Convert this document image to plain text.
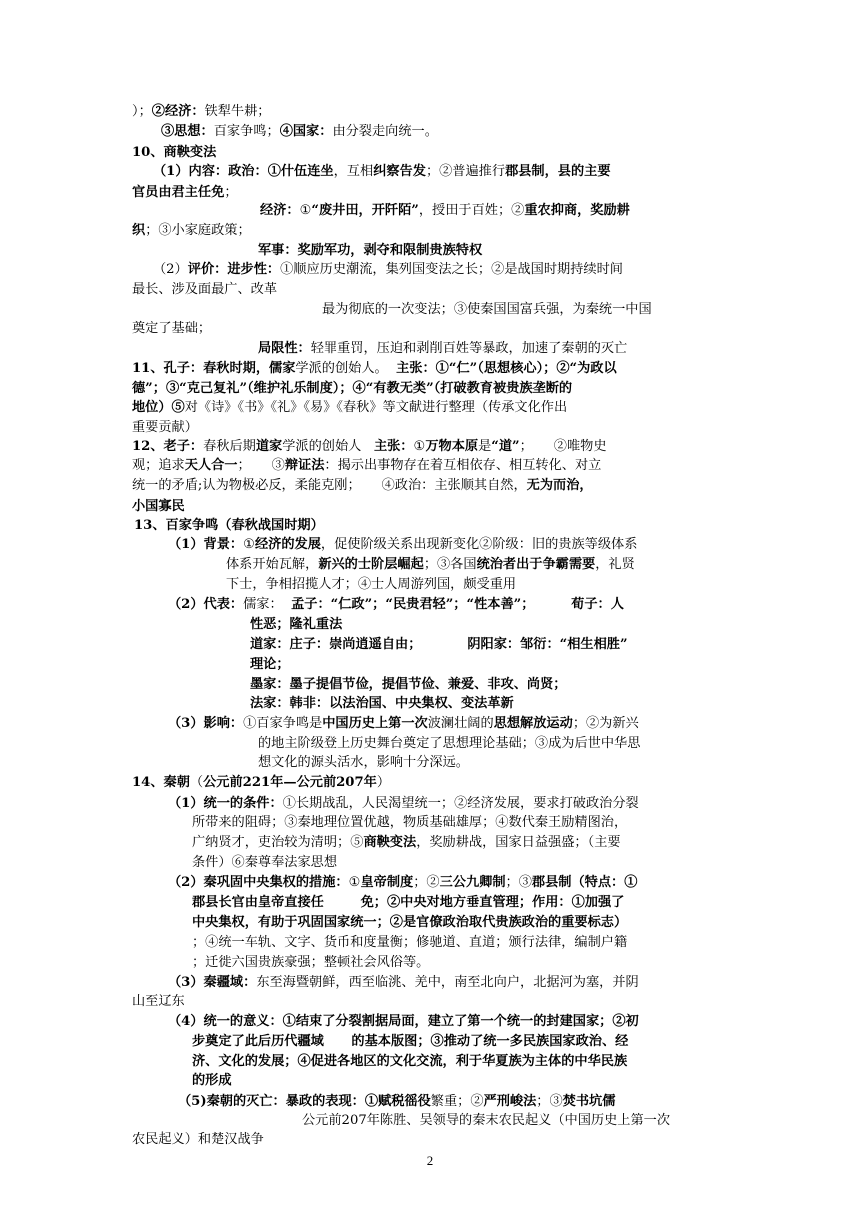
）；②经济：铁犁牛耕；
③思想：百家争鸣；④国家：由分裂走向统一。
10、商鞅变法
（1）内容：政治：①什伍连坐，互相纠察告发；②普遍推行郡县制，县的主要
官员由君主任免；
经济：①“废井田，开阡陌”，授田于百姓；②重农抑商，奖励耕
织；③小家庭政策；
军事：奖励军功，剥夺和限制贵族特权
（2）评价：进步性：①顺应历史潮流，集列国变法之长；②是战国时期持续时间
最长、涉及面最广、改革
最为彻底的一次变法；③使秦国国富兵强，为秦统一中国
奠定了基础；
局限性：轻罪重罚，压迫和剥削百姓等暴政，加速了秦朝的灭亡
11、孔子：春秋时期，儒家学派的创始人。  主张：①“仁”（思想核心）；②“为政以
德”；③“克己复礼”（维护礼乐制度）；④“有教无类”（打破教育被贵族垄断的
地位）⑤对《诗》《书》《礼》《易》《春秋》等文献进行整理（传承文化作出
重要贡献）
12、老子：春秋后期道家学派的创始人   主张：①万物本原是“道”；     ②唯物史
观；追求天人合一；     ③辩证法：揭示出事物存在着互相依存、相互转化、对立
统一的矛盾;认为物极必反，柔能克刚；     ④政治：主张顺其自然，无为而治，
小国寡民
13、百家争鸣（春秋战国时期）
（1）背景：①经济的发展，促使阶级关系出现新变化②阶级：旧的贵族等级体系
体系开始瓦解，新兴的士阶层崛起；③各国统治者出于争霸需要，礼贤
下士，争相招揽人才；④士人周游列国，颇受重用
（2）代表：儒家：  孟子：“仁政”；“民贵君轻”；“性本善”；        荀子：人
性恶；隆礼重法
道家：庄子：崇尚逍遥自由；          阴阳家：邹衍：“相生相胜”
理论；
墨家：墨子提倡节俭，提倡节俭、兼爱、非攻、尚贤；
法家：韩非：以法治国、中央集权、变法革新
（3）影响：①百家争鸣是中国历史上第一次波澜壮阔的思想解放运动；②为新兴
的地主阶级登上历史舞台奠定了思想理论基础；③成为后世中华思
想文化的源头活水，影响十分深远。
14、秦朝（公元前221年—公元前207年）
（1）统一的条件：①长期战乱，人民渴望统一；②经济发展，要求打破政治分裂
所带来的阻碍；③秦地理位置优越，物质基础雄厚；④数代秦王励精图治，
广纳贤才，吏治较为清明；⑤商鞅变法，奖励耕战，国家日益强盛；（主要
条件）⑥秦尊奉法家思想
（2）秦巩固中央集权的措施：①皇帝制度；②三公九卿制；③郡县制（特点：①
郡县长官由皇帝直接任        免；②中央对地方垂直管理；作用：①加强了
中央集权，有助于巩固国家统一；②是官僚政治取代贵族政治的重要标志）
；④统一车轨、文字、货币和度量衡；修驰道、直道；颁行法律，编制户籍
；迁徙六国贵族豪强；整顿社会风俗等。
（3）秦疆域：东至海暨朝鲜，西至临洮、羌中，南至北向户，北据河为塞，并阴
山至辽东
（4）统一的意义：①结束了分裂割据局面，建立了第一个统一的封建国家；②初
步奠定了此后历代疆域      的基本版图；③推动了统一多民族国家政治、经
济、文化的发展；④促进各地区的文化交流，利于华夏族为主体的中华民族
的形成
（5)秦朝的灭亡：暴政的表现：①赋税徭役繁重；②严刑峻法；③焚书坑儒
公元前207年陈胜、吴领导的秦末农民起义（中国历史上第一次
农民起义）和楚汉战争
2
